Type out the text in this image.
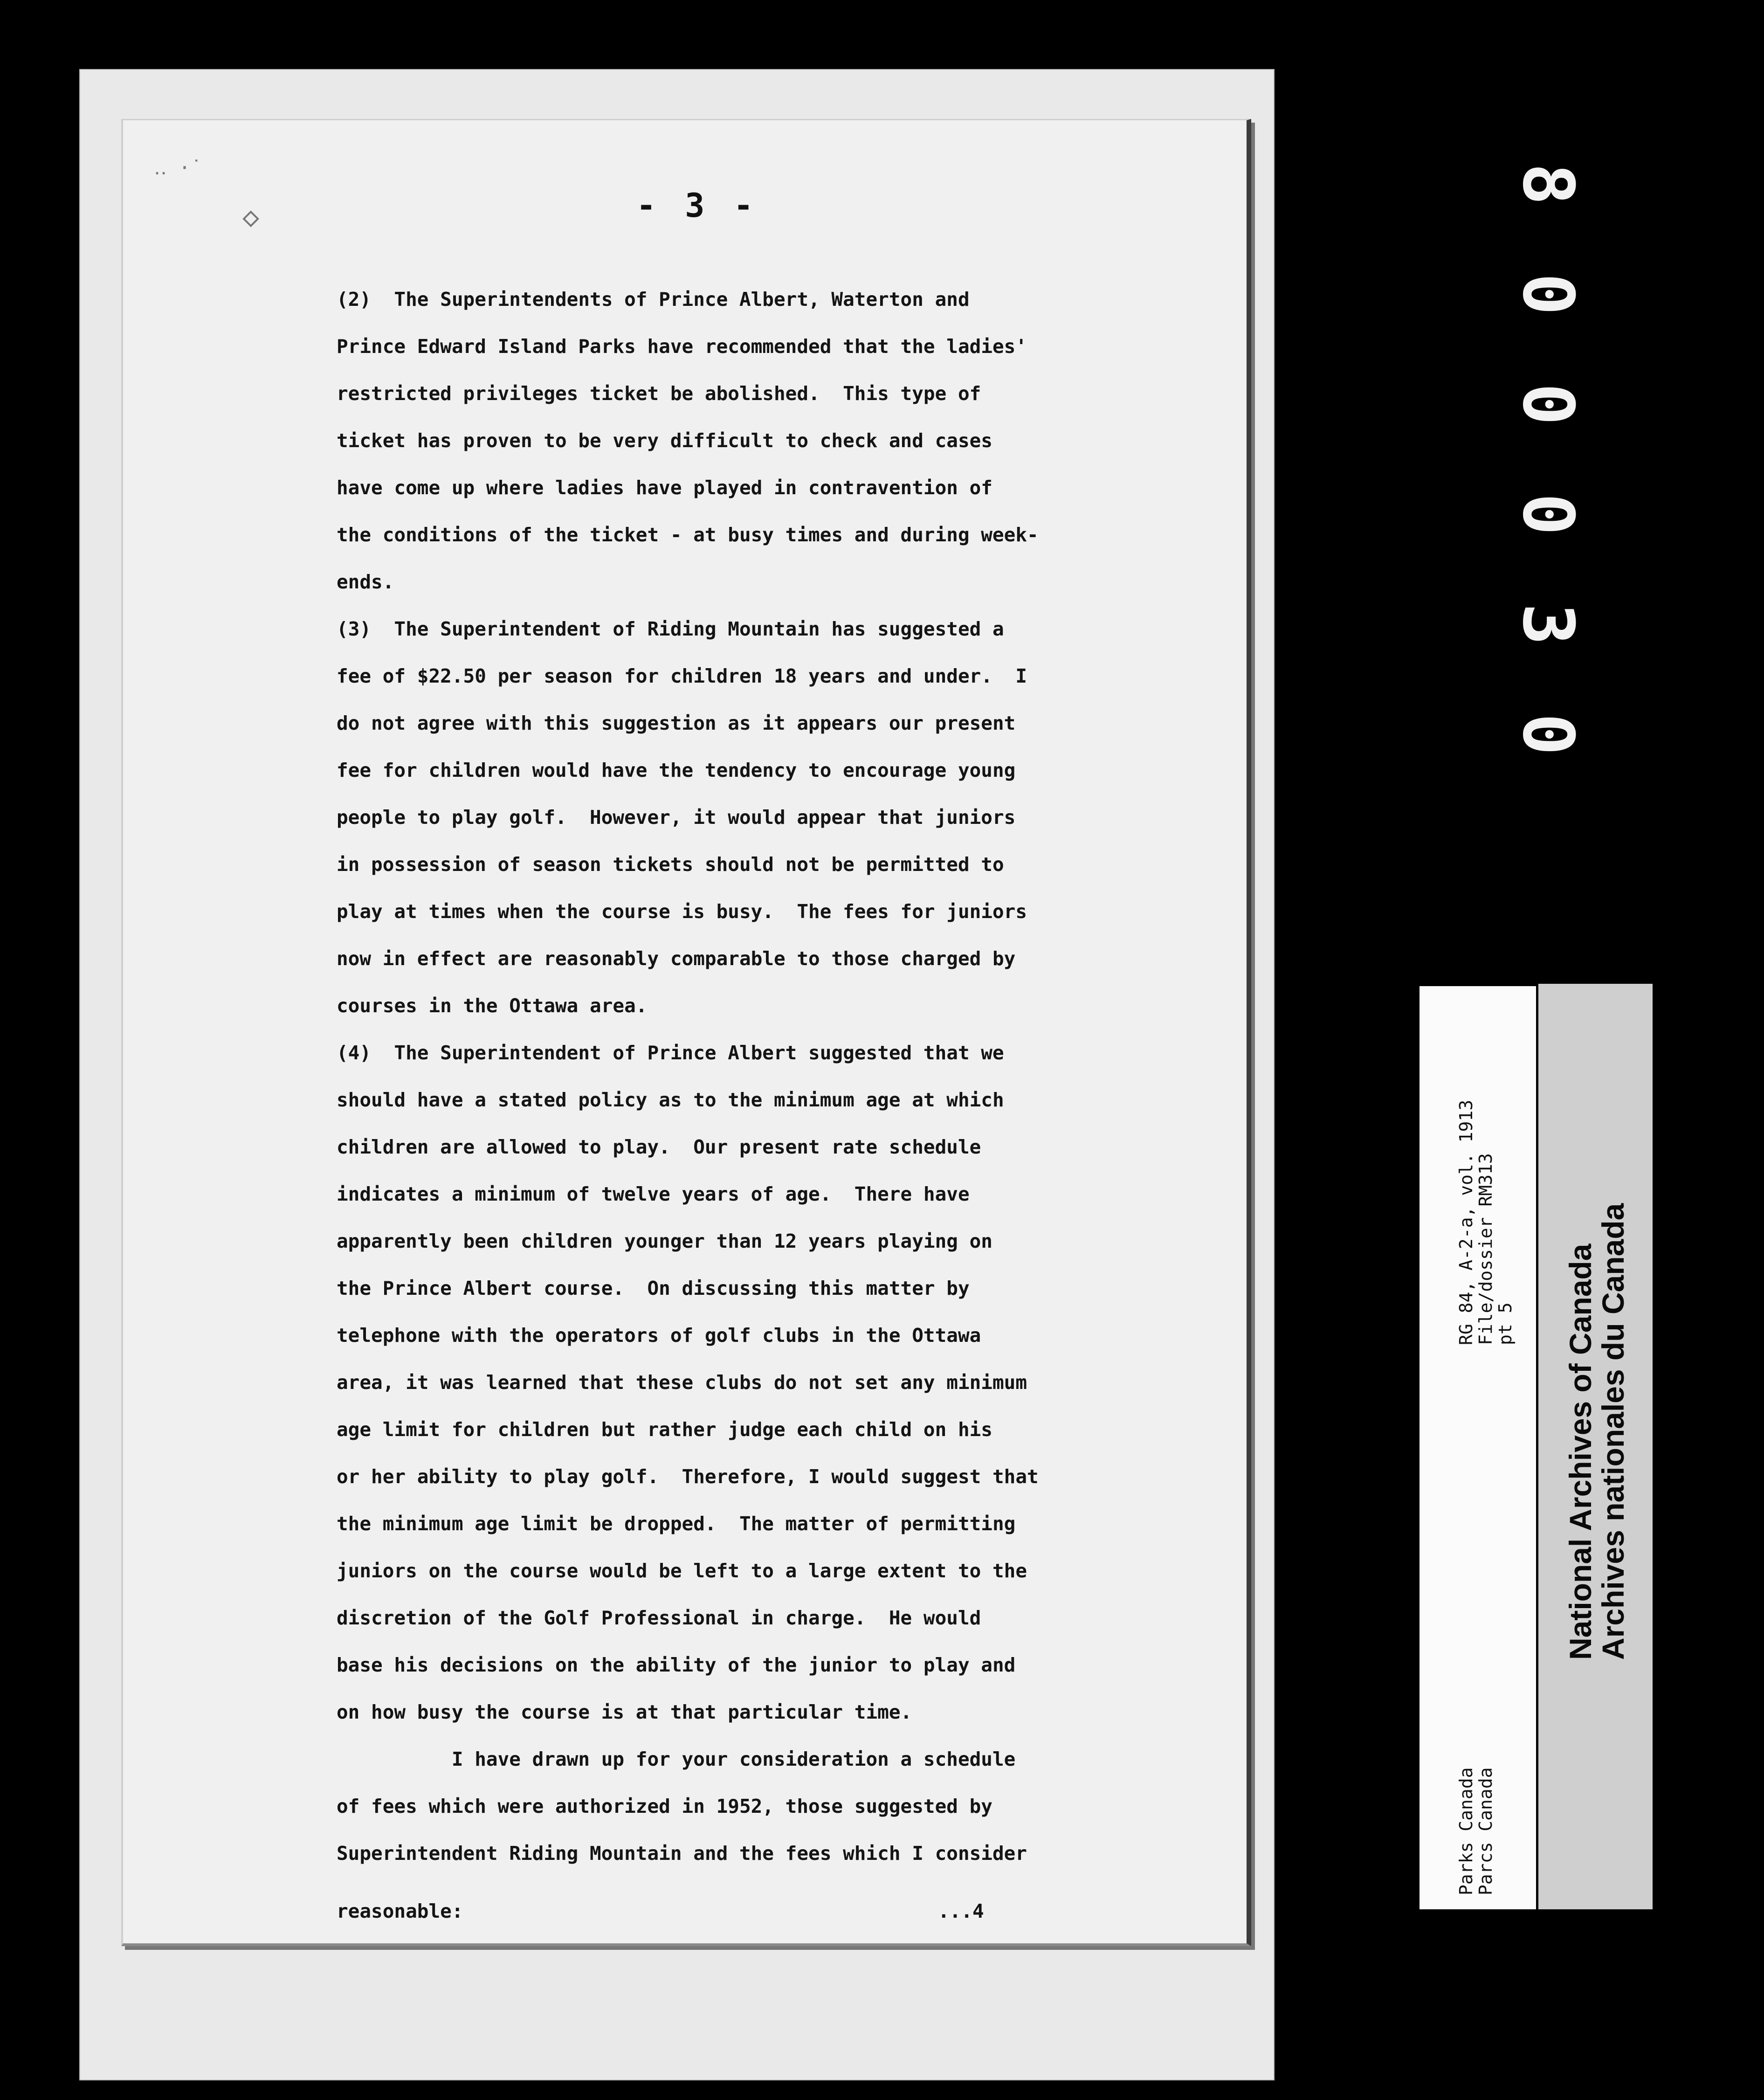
‥ ·˙
◇	- 3 -
(2)  The Superintendents of Prince Albert, Waterton and
Prince Edward Island Parks have recommended that the ladies'
restricted privileges ticket be abolished.  This type of
ticket has proven to be very difficult to check and cases
have come up where ladies have played in contravention of
the conditions of the ticket - at busy times and during week-
ends.
(3)  The Superintendent of Riding Mountain has suggested a
fee of $22.50 per season for children 18 years and under.  I
do not agree with this suggestion as it appears our present
fee for children would have the tendency to encourage young
people to play golf.  However, it would appear that juniors
in possession of season tickets should not be permitted to
play at times when the course is busy.  The fees for juniors
now in effect are reasonably comparable to those charged by
courses in the Ottawa area.
(4)  The Superintendent of Prince Albert suggested that we
should have a stated policy as to the minimum age at which
children are allowed to play.  Our present rate schedule
indicates a minimum of twelve years of age.  There have
apparently been children younger than 12 years playing on
the Prince Albert course.  On discussing this matter by
telephone with the operators of golf clubs in the Ottawa
area, it was learned that these clubs do not set any minimum
age limit for children but rather judge each child on his
or her ability to play golf.  Therefore, I would suggest that
the minimum age limit be dropped.  The matter of permitting
juniors on the course would be left to a large extent to the
discretion of the Golf Professional in charge.  He would
base his decisions on the ability of the junior to play and
on how busy the course is at that particular time.
I have drawn up for your consideration a schedule
of fees which were authorized in 1952, those suggested by
Superintendent Riding Mountain and the fees which I consider
reasonable:	...4
8
0
0
0
3
0
RG 84, A-2-a, vol. 1913
File/dossier RM313
pt 5
Parks Canada
Parcs Canada
National Archives of Canada
Archives nationales du Canada
